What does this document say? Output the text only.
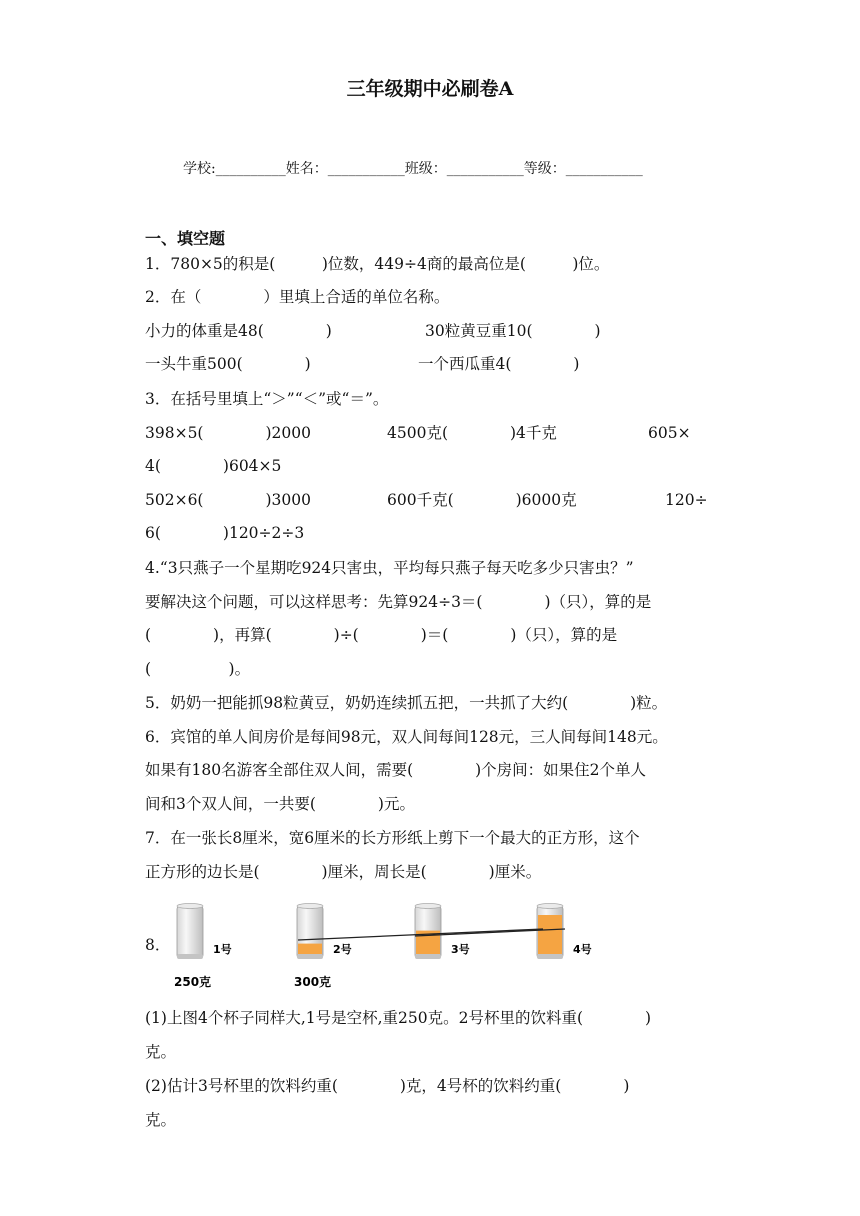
三年级期中必刷卷A
学校:__________姓名：___________班级：___________等级：___________
一、填空题
1．780×5的积是(　　　)位数，449÷4商的最高位是(　　　)位。
2．在（　　　　）里填上合适的单位名称。
小力的体重是48(　　　　)	30粒黄豆重10(　　　　)
一头牛重500(　　　　)	一个西瓜重4(　　　　)
3．在括号里填上“＞”“＜”或“＝”。
398×5(　　　　)2000	4500克(　　　　)4千克	605×
4(　　　　)604×5
502×6(　　　　)3000	600千克(　　　　)6000克	120÷
6(　　　　)120÷2÷3
4.“3只燕子一个星期吃924只害虫，平均每只燕子每天吃多少只害虫？”
要解决这个问题，可以这样思考：先算924÷3＝(　　　　)（只），算的是
(　　　　)，再算(　　　　)÷(　　　　)＝(　　　　)（只），算的是
(　　　　　)。
5．奶奶一把能抓98粒黄豆，奶奶连续抓五把，一共抓了大约(　　　　)粒。
6．宾馆的单人间房价是每间98元，双人间每间128元，三人间每间148元。
如果有180名游客全部住双人间，需要(　　　　)个房间：如果住2个单人
间和3个双人间，一共要(　　　　)元。
7．在一张长8厘米，宽6厘米的长方形纸上剪下一个最大的正方形，这个
正方形的边长是(　　　　)厘米，周长是(　　　　)厘米。
8．	1号
250克
2号
300克
3号	4号
(1)上图4个杯子同样大,1号是空杯,重250克。2号杯里的饮料重(　　　　)
克。
(2)估计3号杯里的饮料约重(　　　　)克，4号杯的饮料约重(　　　　)
克。
